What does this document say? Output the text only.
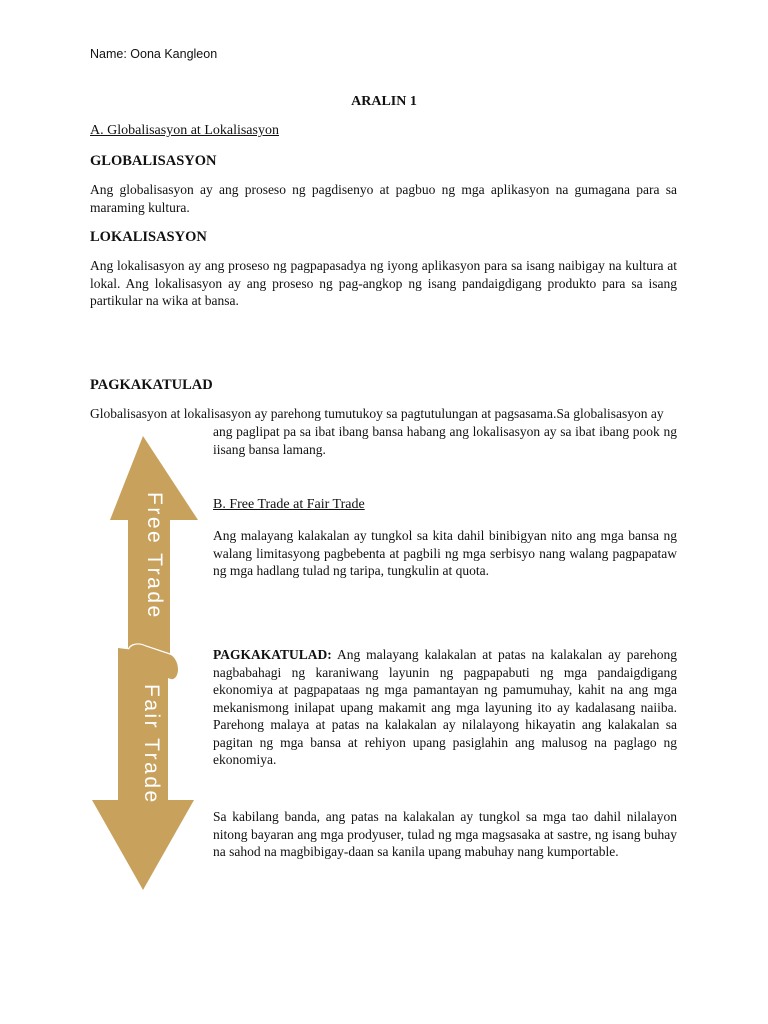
Name: Oona Kangleon
ARALIN 1
A. Globalisasyon at Lokalisasyon
GLOBALISASYON

Ang globalisasyon ay ang proseso ng pagdisenyo at pagbuo ng mga aplikasyon na gumagana para sa maraming kultura.

LOKALISASYON

Ang lokalisasyon ay ang proseso ng pagpapasadya ng iyong aplikasyon para sa isang naibigay na kultura at lokal. Ang lokalisasyon ay ang proseso ng pag-angkop ng isang pandaigdigang produkto para sa isang partikular na wika at bansa.

PAGKAKATULAD
Globalisasyon at lokalisasyon ay parehong tumutukoy sa pagtutulungan at pagsasama.Sa globalisasyon ay

ang paglipat pa sa ibat ibang bansa habang ang lokalisasyon ay sa ibat ibang pook ng iisang bansa lamang.

Free Trade
Fair Trade
B. Free Trade at Fair Trade

Ang malayang kalakalan ay tungkol sa kita dahil binibigyan nito ang mga bansa ng walang limitasyong pagbebenta at pagbili ng mga serbisyo nang walang pagpapataw ng mga hadlang tulad ng taripa, tungkulin at quota.

PAGKAKATULAD: Ang malayang kalakalan at patas na kalakalan ay parehong nagbabahagi ng karaniwang layunin ng pagpapabuti ng mga pandaigdigang ekonomiya at pagpapataas ng mga pamantayan ng pamumuhay, kahit na ang mga mekanismong inilapat upang makamit ang mga layuning ito ay kadalasang naiiba. Parehong malaya at patas na kalakalan ay nilalayong hikayatin ang kalakalan sa pagitan ng mga bansa at rehiyon upang pasiglahin ang malusog na paglago ng ekonomiya.

Sa kabilang banda, ang patas na kalakalan ay tungkol sa mga tao dahil nilalayon nitong bayaran ang mga prodyuser, tulad ng mga magsasaka at sastre, ng isang buhay na sahod na magbibigay-daan sa kanila upang mabuhay nang kumportable.
